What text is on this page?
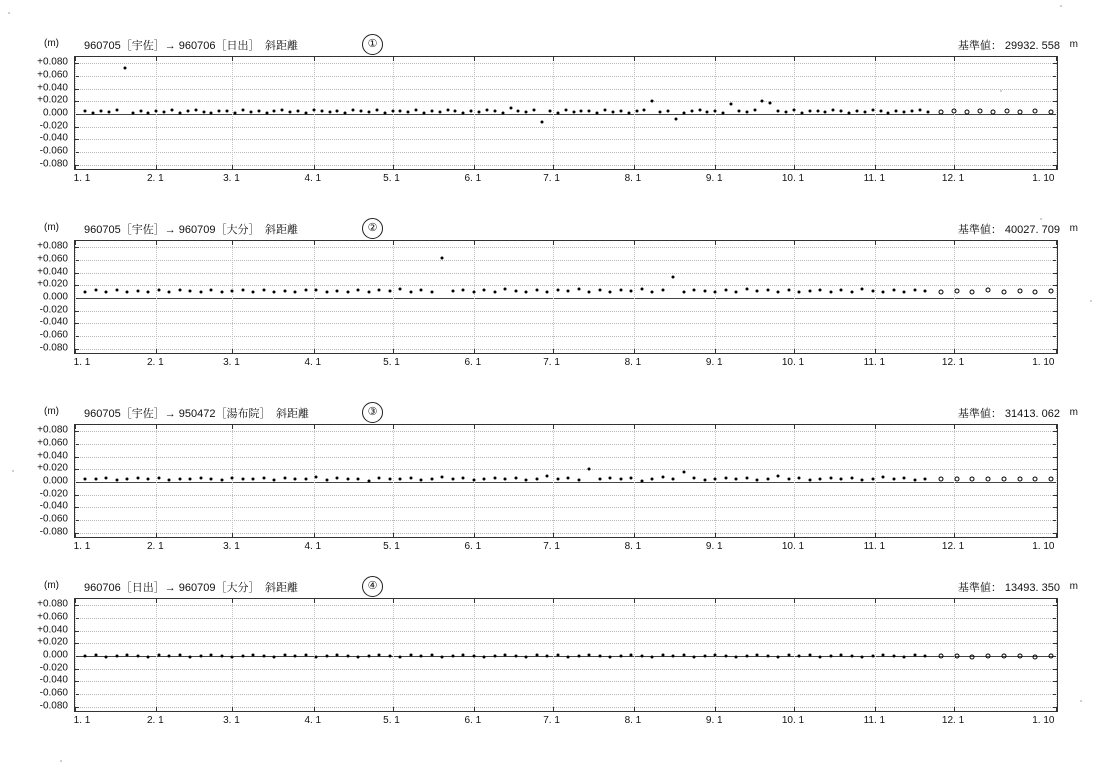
(m) 960705［宇佐］→ 960706［日出］　斜距離	①	基準値： 29932. 558 m
+0.080
+0.060
+0.040
+0.020
0.000
-0.020
-0.040
-0.060
-0.080
1. 1	2. 1	3. 1	4. 1	5. 1	6. 1	7. 1	8. 1	9. 1	10. 1	11. 1	12. 1	1. 10
(m) 960705［宇佐］→ 960709［大分］　斜距離	②	基準値： 40027. 709 m
+0.080
+0.060
+0.040
+0.020
0.000
-0.020
-0.040
-0.060
-0.080
1. 1	2. 1	3. 1	4. 1	5. 1	6. 1	7. 1	8. 1	9. 1	10. 1	11. 1	12. 1	1. 10
(m) 960705［宇佐］→ 950472［湯布院］　斜距離	③	基準値： 31413. 062 m
+0.080
+0.060
+0.040
+0.020
0.000
-0.020
-0.040
-0.060
-0.080
1. 1	2. 1	3. 1	4. 1	5. 1	6. 1	7. 1	8. 1	9. 1	10. 1	11. 1	12. 1	1. 10
(m) 960706［日出］→ 960709［大分］　斜距離	④	基準値： 13493. 350 m
+0.080
+0.060
+0.040
+0.020
0.000
-0.020
-0.040
-0.060
-0.080
1. 1	2. 1	3. 1	4. 1	5. 1	6. 1	7. 1	8. 1	9. 1	10. 1	11. 1	12. 1	1. 10
